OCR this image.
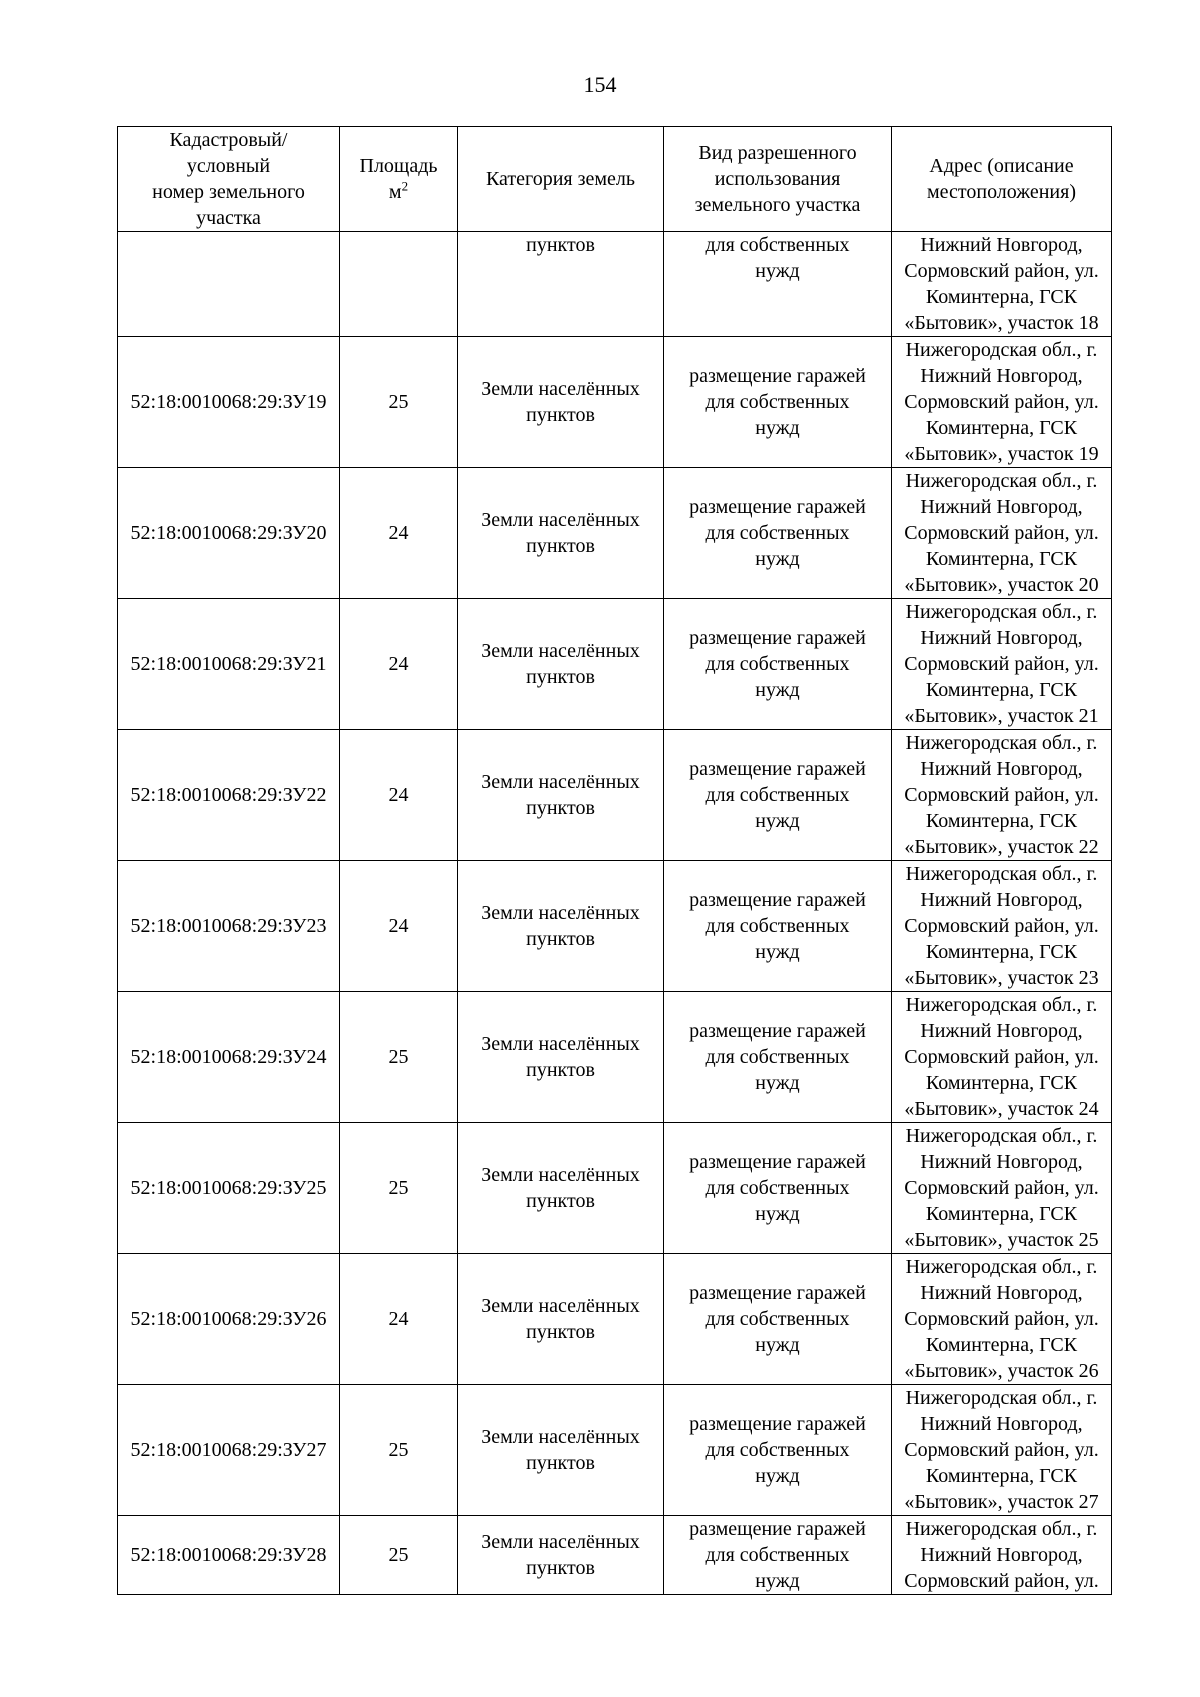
154
Кадастровый/
условный
номер земельного
участка	Площадь
$м^2$	Категория земель	Вид разрешенного
использования
земельного участка	Адрес (описание
местоположения)

		пунктов	для собственных
нужд	Нижний Новгород,
Сормовский район, ул.
Коминтерна, ГСК
«Бытовик», участок 18

52:18:0010068:29:ЗУ19	25	Земли населённых
пунктов	размещение гаражей
для собственных
нужд	Нижегородская обл., г.
Нижний Новгород,
Сормовский район, ул.
Коминтерна, ГСК
«Бытовик», участок 19

52:18:0010068:29:ЗУ20	24	Земли населённых
пунктов	размещение гаражей
для собственных
нужд	Нижегородская обл., г.
Нижний Новгород,
Сормовский район, ул.
Коминтерна, ГСК
«Бытовик», участок 20

52:18:0010068:29:ЗУ21	24	Земли населённых
пунктов	размещение гаражей
для собственных
нужд	Нижегородская обл., г.
Нижний Новгород,
Сормовский район, ул.
Коминтерна, ГСК
«Бытовик», участок 21

52:18:0010068:29:ЗУ22	24	Земли населённых
пунктов	размещение гаражей
для собственных
нужд	Нижегородская обл., г.
Нижний Новгород,
Сормовский район, ул.
Коминтерна, ГСК
«Бытовик», участок 22

52:18:0010068:29:ЗУ23	24	Земли населённых
пунктов	размещение гаражей
для собственных
нужд	Нижегородская обл., г.
Нижний Новгород,
Сормовский район, ул.
Коминтерна, ГСК
«Бытовик», участок 23

52:18:0010068:29:ЗУ24	25	Земли населённых
пунктов	размещение гаражей
для собственных
нужд	Нижегородская обл., г.
Нижний Новгород,
Сормовский район, ул.
Коминтерна, ГСК
«Бытовик», участок 24

52:18:0010068:29:ЗУ25	25	Земли населённых
пунктов	размещение гаражей
для собственных
нужд	Нижегородская обл., г.
Нижний Новгород,
Сормовский район, ул.
Коминтерна, ГСК
«Бытовик», участок 25

52:18:0010068:29:ЗУ26	24	Земли населённых
пунктов	размещение гаражей
для собственных
нужд	Нижегородская обл., г.
Нижний Новгород,
Сормовский район, ул.
Коминтерна, ГСК
«Бытовик», участок 26

52:18:0010068:29:ЗУ27	25	Земли населённых
пунктов	размещение гаражей
для собственных
нужд	Нижегородская обл., г.
Нижний Новгород,
Сормовский район, ул.
Коминтерна, ГСК
«Бытовик», участок 27

52:18:0010068:29:ЗУ28	25	Земли населённых
пунктов	размещение гаражей
для собственных
нужд	Нижегородская обл., г.
Нижний Новгород,
Сормовский район, ул.
